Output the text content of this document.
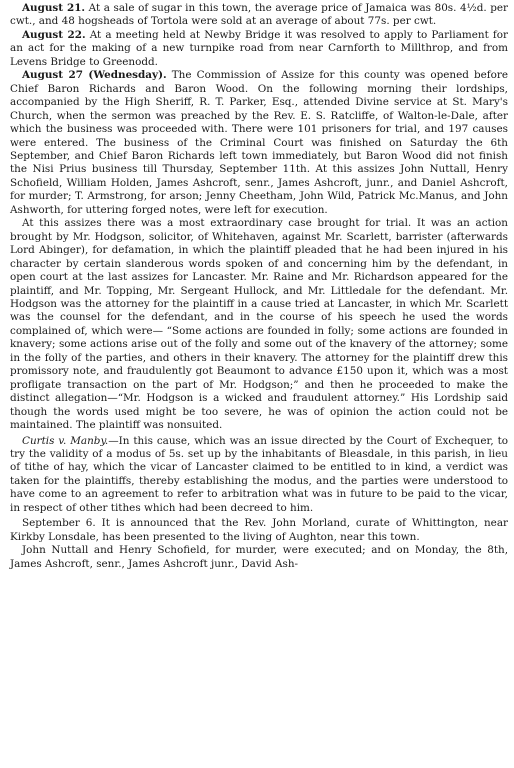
August 21. At a sale of sugar in this town, the average price of Jamaica was 80s. 4½d. per cwt., and 48 hogsheads of Tortola were sold at an average of about 77s. per cwt.

August 22. At a meeting held at Newby Bridge it was resolved to apply to Parliament for an act for the making of a new turnpike road from near Carnforth to Millthrop, and from Levens Bridge to Greenodd.

August 27 (Wednesday). The Commission of Assize for this county was opened before Chief Baron Richards and Baron Wood. On the following morning their lordships, accompanied by the High Sheriff, R. T. Parker, Esq., attended Divine service at St. Mary's Church, when the sermon was preached by the Rev. E. S. Ratcliffe, of Walton-le-Dale, after which the business was proceeded with. There were 101 prisoners for trial, and 197 causes were entered. The business of the Criminal Court was finished on Saturday the 6th September, and Chief Baron Richards left town immediately, but Baron Wood did not finish the Nisi Prius business till Thursday, September 11th. At this assizes John Nuttall, Henry Schofield, William Holden, James Ashcroft, senr., James Ashcroft, junr., and Daniel Ashcroft, for murder; T. Armstrong, for arson; Jenny Cheetham, John Wild, Patrick Mc.Manus, and John Ashworth, for uttering forged notes, were left for execution.

At this assizes there was a most extraordinary case brought for trial. It was an action brought by Mr. Hodgson, solicitor, of Whitehaven, against Mr. Scarlett, barrister (afterwards Lord Abinger), for defamation, in which the plaintiff pleaded that he had been injured in his character by certain slanderous words spoken of and concerning him by the defendant, in open court at the last assizes for Lancaster. Mr. Raine and Mr. Richardson appeared for the plaintiff, and Mr. Topping, Mr. Sergeant Hullock, and Mr. Littledale for the defendant. Mr. Hodgson was the attorney for the plaintiff in a cause tried at Lancaster, in which Mr. Scarlett was the counsel for the defendant, and in the course of his speech he used the words complained of, which were— “Some actions are founded in folly; some actions are founded in knavery; some actions arise out of the folly and some out of the knavery of the attorney; some in the folly of the parties, and others in their knavery. The attorney for the plaintiff drew this promissory note, and fraudulently got Beaumont to advance £150 upon it, which was a most profligate transaction on the part of Mr. Hodgson;” and then he proceeded to make the distinct allegation—“Mr. Hodgson is a wicked and fraudulent attorney.” His Lordship said though the words used might be too severe, he was of opinion the action could not be maintained. The plaintiff was nonsuited.

Curtis v. Manby.—In this cause, which was an issue directed by the Court of Exchequer, to try the validity of a modus of 5s. set up by the inhabitants of Bleasdale, in this parish, in lieu of tithe of hay, which the vicar of Lancaster claimed to be entitled to in kind, a verdict was taken for the plaintiffs, thereby establishing the modus, and the parties were understood to have come to an agreement to refer to arbitration what was in future to be paid to the vicar, in respect of other tithes which had been decreed to him.

September 6. It is announced that the Rev. John Morland, curate of Whittington, near Kirkby Lonsdale, has been presented to the living of Aughton, near this town.

John Nuttall and Henry Schofield, for murder, were executed; and on Monday, the 8th, James Ashcroft, senr., James Ashcroft junr., David Ash-
